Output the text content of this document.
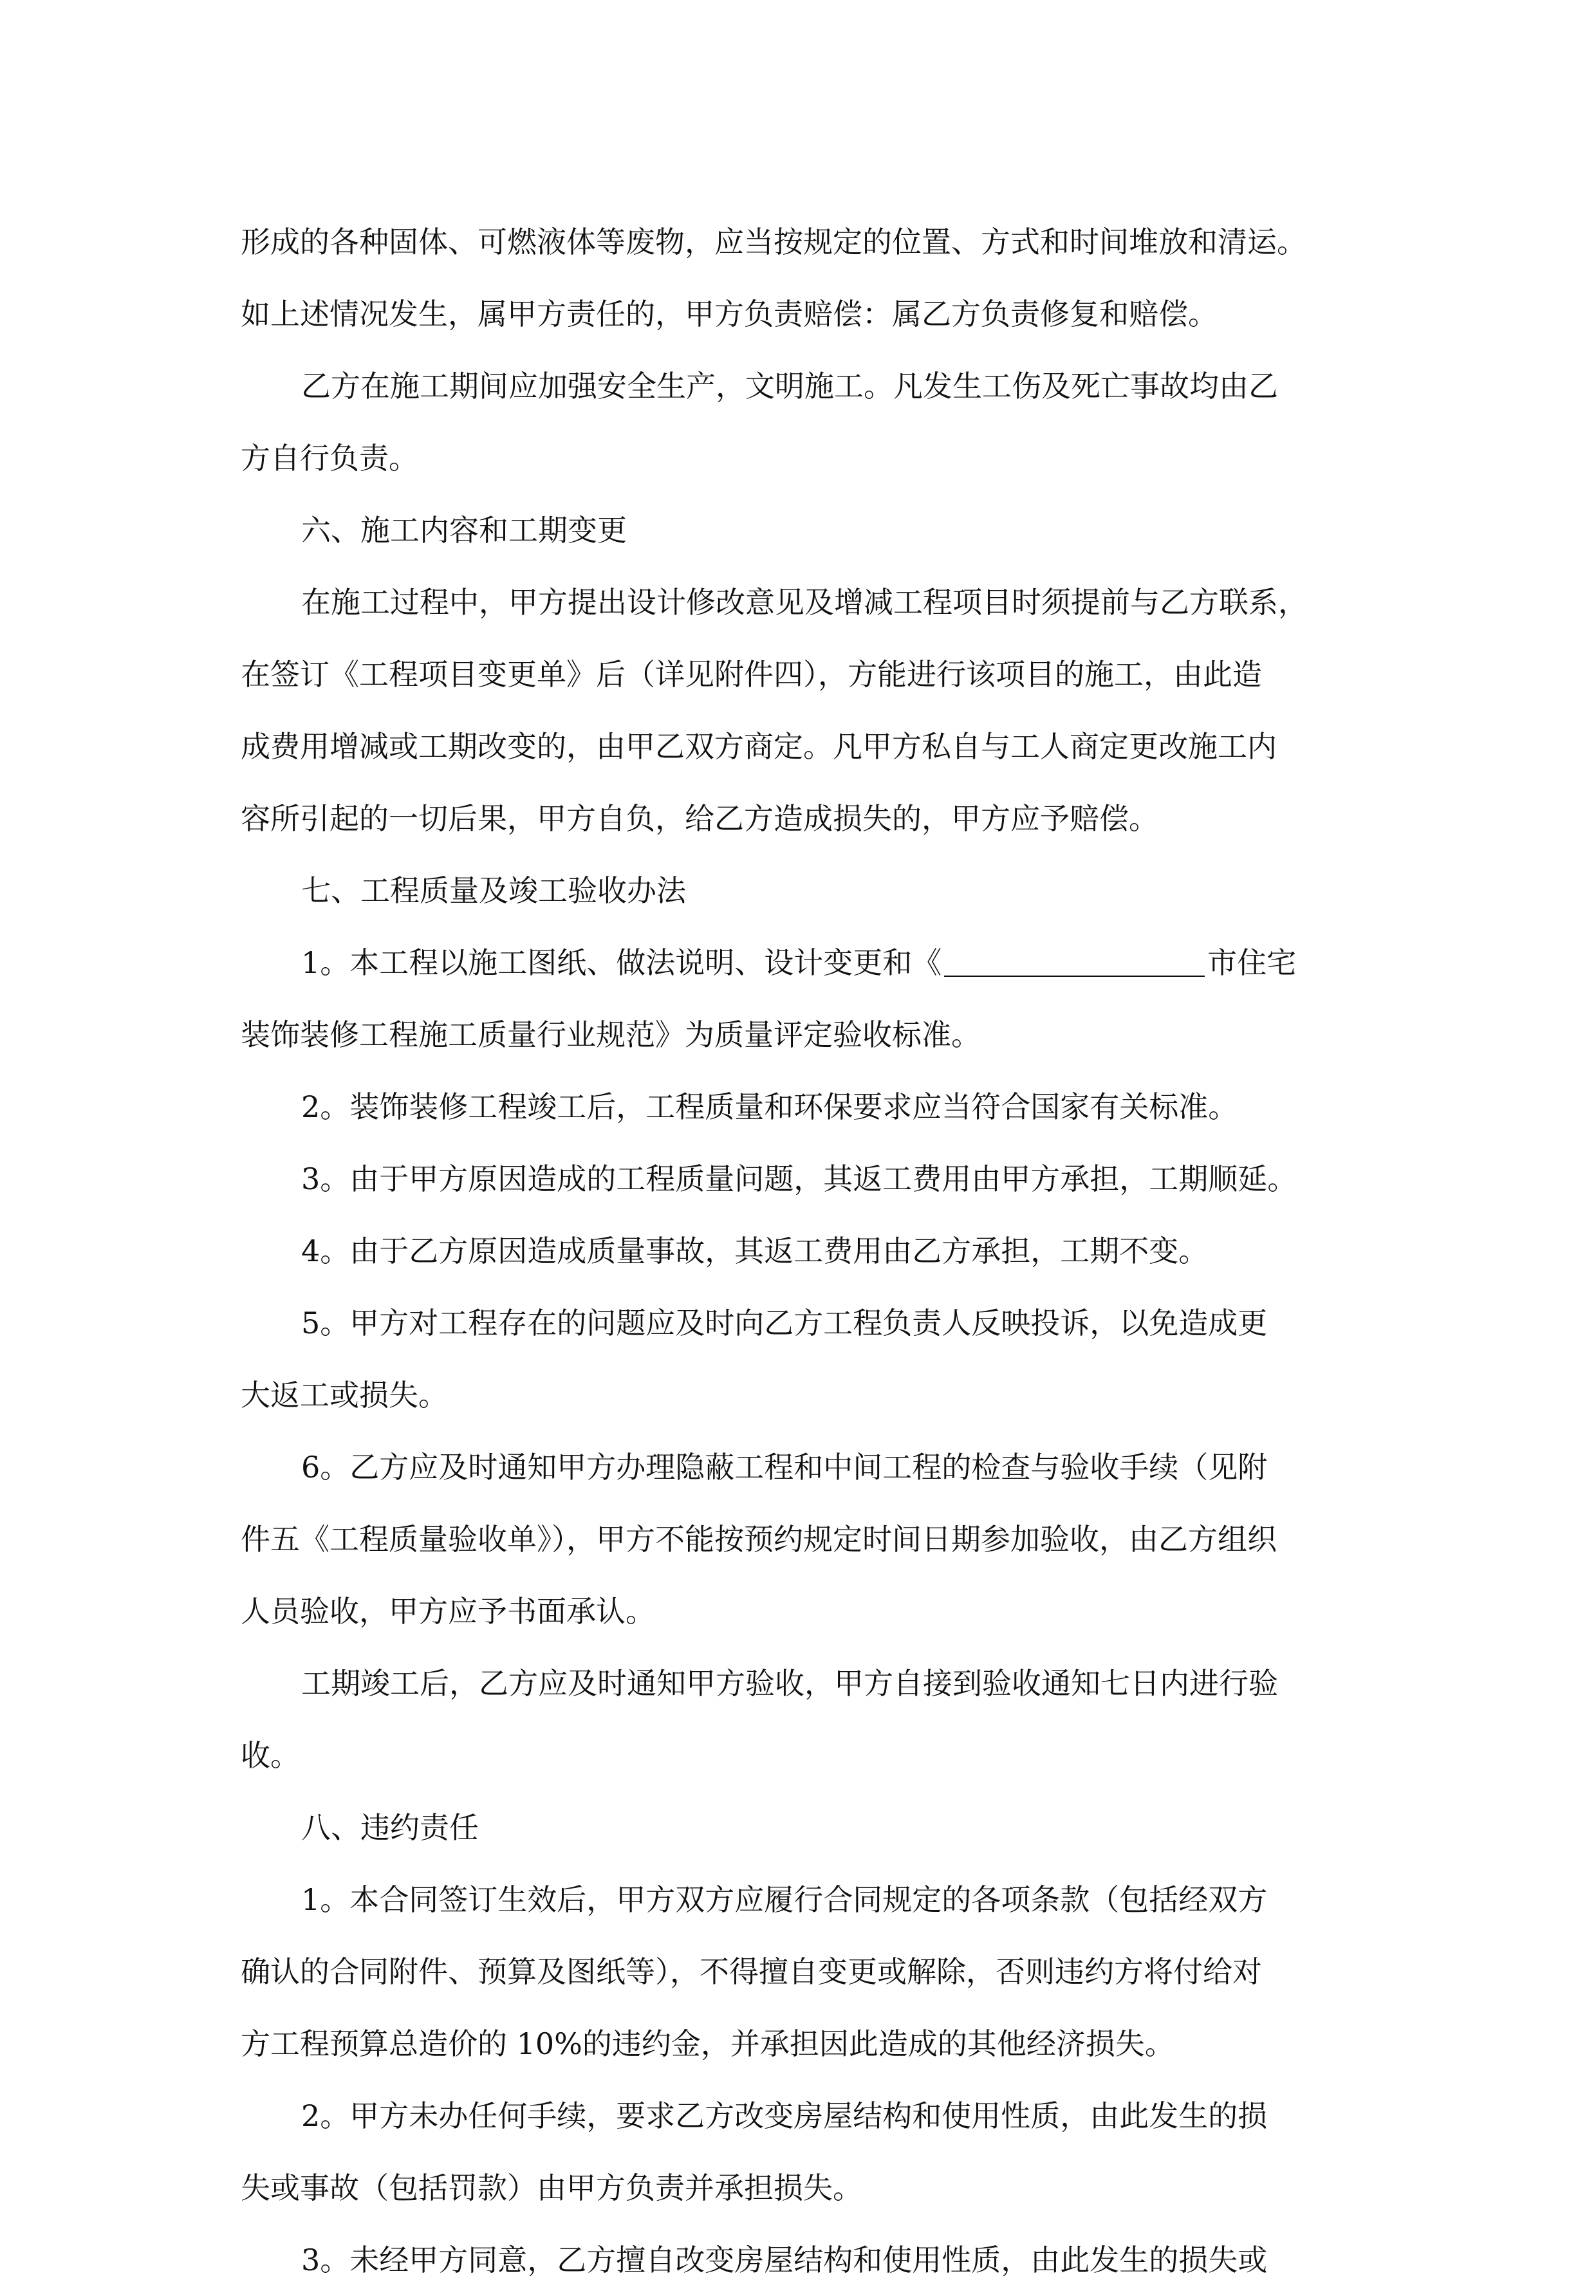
形成的各种固体、可燃液体等废物，应当按规定的位置、方式和时间堆放和清运。
如上述情况发生，属甲方责任的，甲方负责赔偿：属乙方负责修复和赔偿。
乙方在施工期间应加强安全生产，文明施工。凡发生工伤及死亡事故均由乙
方自行负责。
六、施工内容和工期变更
在施工过程中，甲方提出设计修改意见及增减工程项目时须提前与乙方联系，
在签订《工程项目变更单》后（详见附件四），方能进行该项目的施工，由此造
成费用增减或工期改变的，由甲乙双方商定。凡甲方私自与工人商定更改施工内
容所引起的一切后果，甲方自负，给乙方造成损失的，甲方应予赔偿。
七、工程质量及竣工验收办法
1。本工程以施工图纸、做法说明、设计变更和《	市住宅
装饰装修工程施工质量行业规范》为质量评定验收标准。
2。装饰装修工程竣工后，工程质量和环保要求应当符合国家有关标准。
3。由于甲方原因造成的工程质量问题，其返工费用由甲方承担，工期顺延。
4。由于乙方原因造成质量事故，其返工费用由乙方承担，工期不变。
5。甲方对工程存在的问题应及时向乙方工程负责人反映投诉，以免造成更
大返工或损失。
6。乙方应及时通知甲方办理隐蔽工程和中间工程的检查与验收手续（见附
件五《工程质量验收单》），甲方不能按预约规定时间日期参加验收，由乙方组织
人员验收，甲方应予书面承认。
工期竣工后，乙方应及时通知甲方验收，甲方自接到验收通知七日内进行验
收。
八、违约责任
1。本合同签订生效后，甲方双方应履行合同规定的各项条款（包括经双方
确认的合同附件、预算及图纸等），不得擅自变更或解除，否则违约方将付给对
方工程预算总造价的 10%的违约金，并承担因此造成的其他经济损失。
2。甲方未办任何手续，要求乙方改变房屋结构和使用性质，由此发生的损
失或事故（包括罚款）由甲方负责并承担损失。
3。未经甲方同意，乙方擅自改变房屋结构和使用性质，由此发生的损失或
